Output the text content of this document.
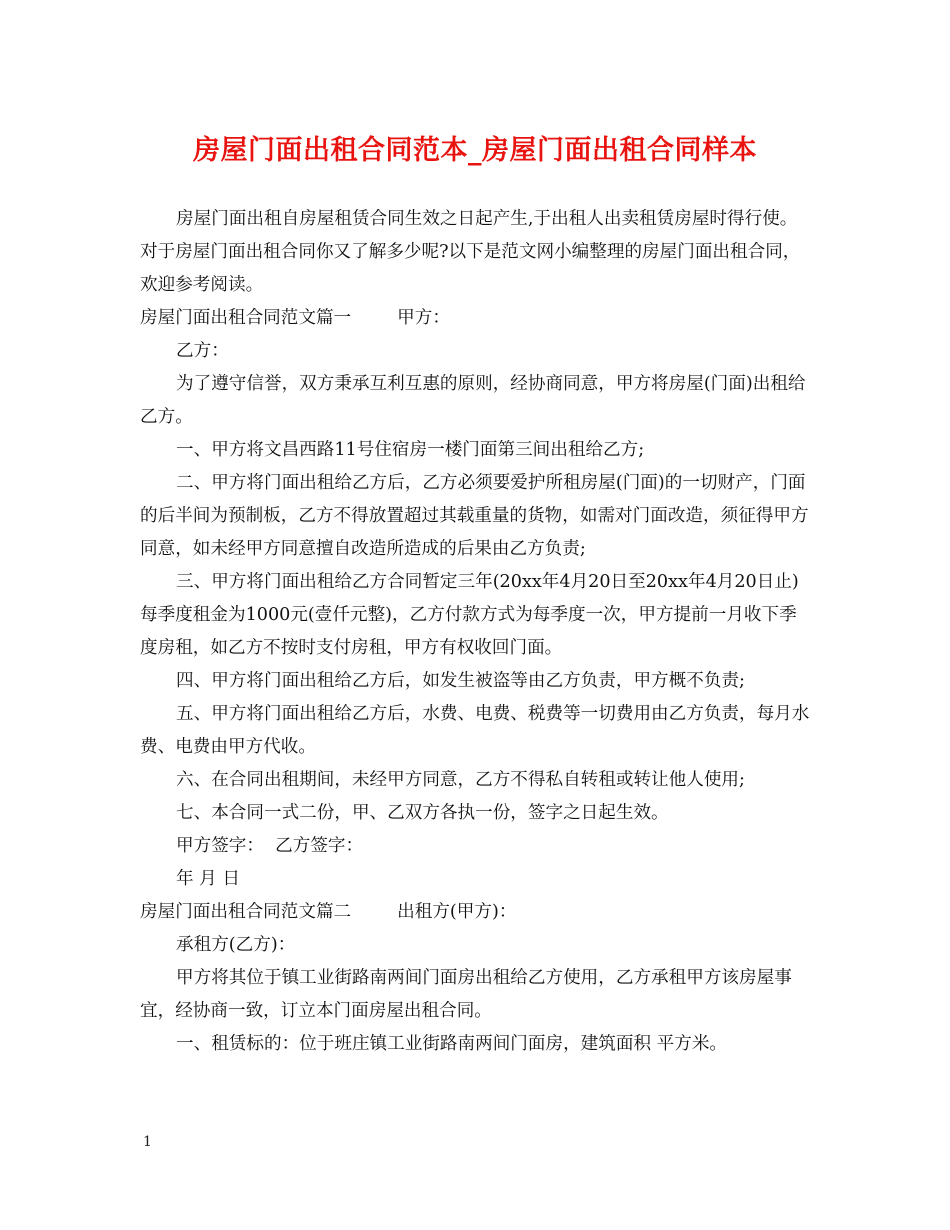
房屋门面出租合同范本_房屋门面出租合同样本

房屋门面出租自房屋租赁合同生效之日起产生,于出租人出卖租赁房屋时得行使。对于房屋门面出租合同你又了解多少呢?以下是范文网小编整理的房屋门面出租合同，欢迎参考阅读。

房屋门面出租合同范文篇一	甲方：

乙方：

为了遵守信誉，双方秉承互利互惠的原则，经协商同意，甲方将房屋(门面)出租给乙方。

一、甲方将文昌西路11号住宿房一楼门面第三间出租给乙方;

二、甲方将门面出租给乙方后，乙方必须要爱护所租房屋(门面)的一切财产，门面的后半间为预制板，乙方不得放置超过其载重量的货物，如需对门面改造，须征得甲方同意，如未经甲方同意擅自改造所造成的后果由乙方负责;

三、甲方将门面出租给乙方合同暂定三年(20xx年4月20日至20xx年4月20日止)每季度租金为1000元(壹仟元整)，乙方付款方式为每季度一次，甲方提前一月收下季度房租，如乙方不按时支付房租，甲方有权收回门面。

四、甲方将门面出租给乙方后，如发生被盗等由乙方负责，甲方概不负责;

五、甲方将门面出租给乙方后，水费、电费、税费等一切费用由乙方负责，每月水费、电费由甲方代收。

六、在合同出租期间，未经甲方同意，乙方不得私自转租或转让他人使用;

七、本合同一式二份，甲、乙双方各执一份，签字之日起生效。

甲方签字：  乙方签字：

年 月 日

房屋门面出租合同范文篇二	出租方(甲方)：

承租方(乙方)：

甲方将其位于镇工业街路南两间门面房出租给乙方使用，乙方承租甲方该房屋事宜，经协商一致，订立本门面房屋出租合同。

一、租赁标的：位于班庄镇工业街路南两间门面房，建筑面积 平方米。

1
